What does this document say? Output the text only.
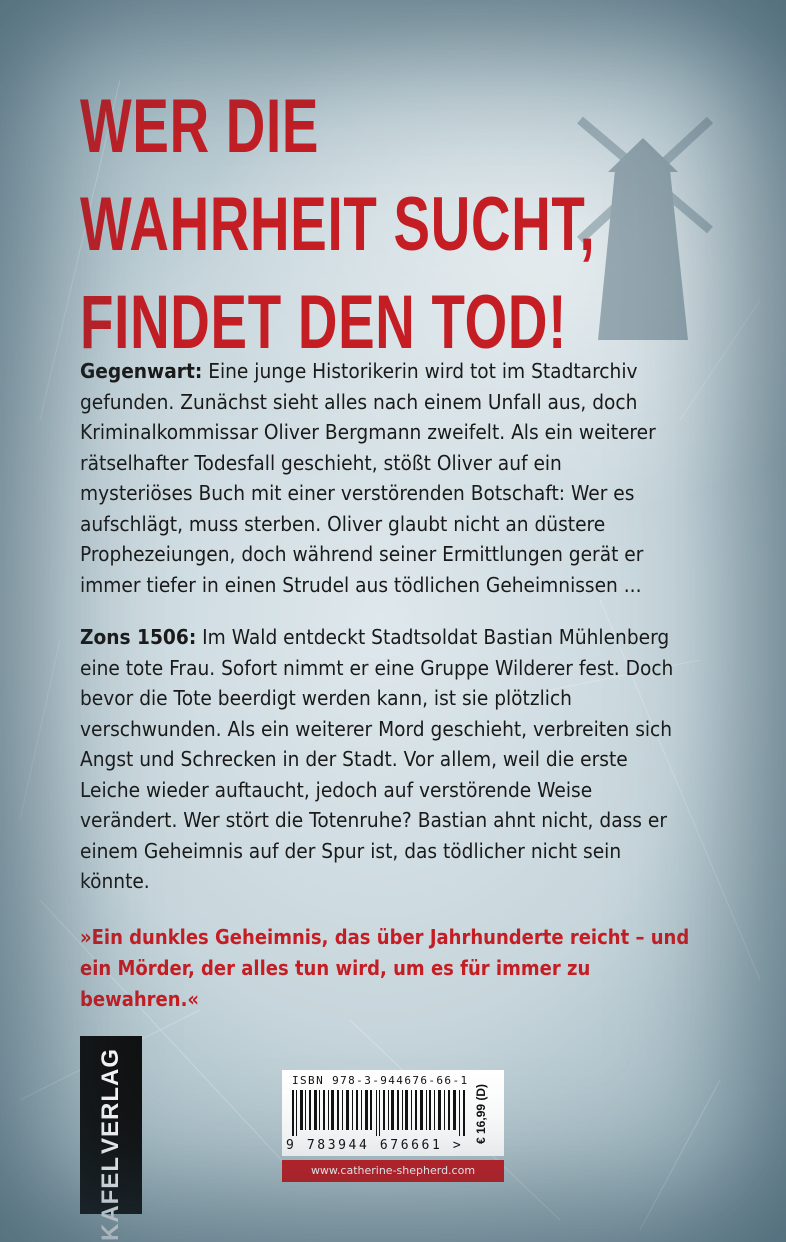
WER DIE
WAHRHEIT SUCHT,
FINDET DEN TOD!

Gegenwart: Eine junge Historikerin wird tot im Stadtarchiv gefunden. Zunächst sieht alles nach einem Unfall aus, doch Kriminalkommissar Oliver Bergmann zweifelt. Als ein weiterer rätselhafter Todesfall geschieht, stößt Oliver auf ein mysteriöses Buch mit einer verstörenden Botschaft: Wer es aufschlägt, muss sterben. Oliver glaubt nicht an düstere Prophezeiungen, doch während seiner Ermittlungen gerät er immer tiefer in einen Strudel aus tödlichen Geheimnissen ...

Zons 1506: Im Wald entdeckt Stadtsoldat Bastian Mühlenberg eine tote Frau. Sofort nimmt er eine Gruppe Wilderer fest. Doch bevor die Tote beerdigt werden kann, ist sie plötzlich verschwunden. Als ein weiterer Mord geschieht, verbreiten sich Angst und Schrecken in der Stadt. Vor allem, weil die erste Leiche wieder auftaucht, jedoch auf verstörende Weise verändert. Wer stört die Totenruhe? Bastian ahnt nicht, dass er einem Geheimnis auf der Spur ist, das tödlicher nicht sein könnte.

»Ein dunkles Geheimnis, das über Jahrhunderte reicht – und ein Mörder, der alles tun wird, um es für immer zu bewahren.«

KAFEL
VERLAG	ISBN 978-3-944676-66-1
9 783944 676661 >
€ 16,99 (D)
www.catherine-shepherd.com
